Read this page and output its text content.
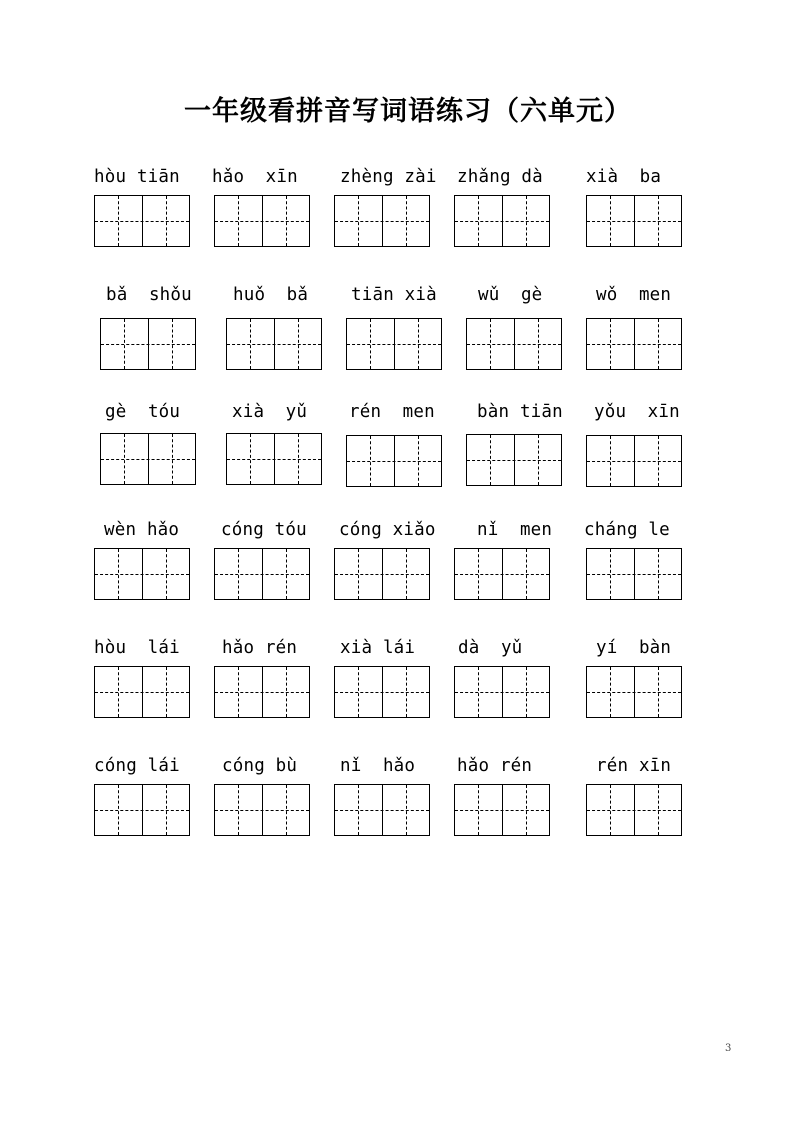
一年级看拼音写词语练习（六单元）
hòu tiān	hǎo  xīn	zhèng zài	zhǎng dà	xià  ba
bǎ  shǒu	huǒ  bǎ	tiān xià	wǔ  gè	wǒ  men
gè  tóu	xià  yǔ	rén  men	bàn tiān	yǒu  xīn
wèn hǎo	cóng tóu	cóng xiǎo	nǐ  men	cháng le
hòu  lái	hǎo rén	xià lái	dà  yǔ	yí  bàn
cóng lái	cóng bù	nǐ  hǎo	hǎo rén	rén xīn
3
